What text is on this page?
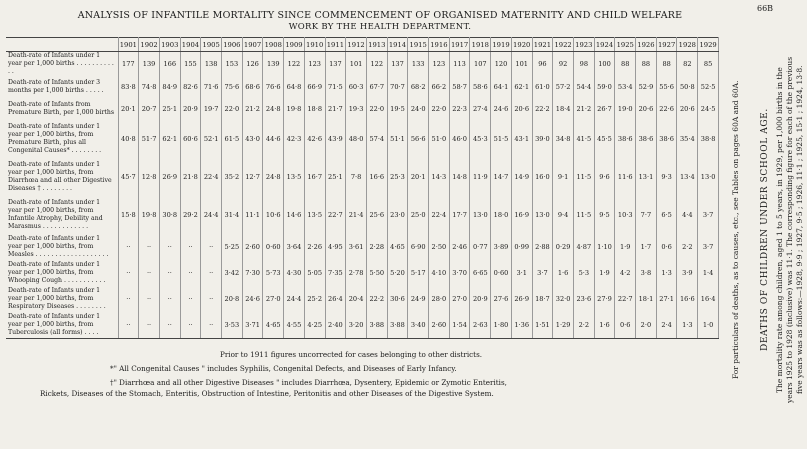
66B
ANALYSIS OF INFANTILE MORTALITY SINCE COMMENCEMENT OF ORGANISED MATERNITY AND CHILD WELFARE
WORK BY THE HEALTH DEPARTMENT.
	1901	1902	1903	1904	1905	1906	1907	1908	1909	1910	1911	1912	1913	1914	1915	1916	1917	1918	1919	1920	1921	1922	1923	1924	1925	1926	1927	1928	1929
Death-rate of Infants under 1 year per 1,000 births . . . . . . . . . . . .	177	139	166	155	138	153	126	139	122	123	137	101	122	137	133	123	113	107	120	101	96	92	98	100	88	88	88	82	85
Death-rate of Infants under 3 months per 1,000 births . . . . .	83·8	74·8	84·9	82·6	71·6	75·6	68·6	76·6	64·8	66·9	71·5	60·3	67·7	70·7	68·2	66·2	58·7	58·6	64·1	62·1	61·0	57·2	54·4	59·0	53·4	52·9	55·6	50·8	52·5
Death-rate of Infants from Premature Birth, per 1,000 births	20·1	20·7	25·1	20·9	19·7	22·0	21·2	24·8	19·8	18·8	21·7	19·3	22·0	19·5	24·0	22·0	22·3	27·4	24·6	20·6	22·2	18·4	21·2	26·7	19·0	20·6	22·6	20·6	24·5
Death-rate of Infants under 1 year per 1,000 births, from Premature Birth, plus all Congenital Causes* . . . . . . . .	40·8	51·7	62·1	60·6	52·1	61·5	43·0	44·6	42·3	42·6	43·9	48·0	57·4	51·1	56·6	51·0	46·0	45·3	51·5	43·1	39·0	34·8	41·5	45·5	38·6	38·6	38·6	35·4	38·8
Death-rate of Infants under 1 year per 1,000 births, from Diarrhœa and all other Digestive Diseases † . . . . . . . .	45·7	12·8	26·9	21·8	22·4	35·2	12·7	24·8	13·5	16·7	25·1	7·8	16·6	25·3	20·1	14·3	14·8	11·9	14·7	14·9	16·0	9·1	11·5	9·6	11·6	13·1	9·3	13·4	13·0
Death-rate of Infants under 1 year per 1,000 births, from Infantile Atrophy, Debility and Marasmus . . . . . . . . . . . .	15·8	19·8	30·8	29·2	24·4	31·4	11·1	10·6	14·6	13·5	22·7	21·4	25·6	23·0	25·0	22·4	17·7	13·0	18·0	16·9	13·0	9·4	11·5	9·5	10·3	7·7	6·5	4·4	3·7
Death-rate of Infants under 1 year per 1,000 births, from Measles . . . . . . . . . . . . . . . . . . .	··	··	··	··	··	5·25	2·60	0·60	3·64	2·26	4·95	3·61	2·28	4·65	6·90	2·50	2·46	0·77	3·89	0·99	2·88	0·29	4·87	1·10	1·9	1·7	0·6	2·2	3·7
Death-rate of Infants under 1 year per 1,000 births, from Whooping Cough . . . . . . . . . . .	··	··	··	··	··	3·42	7·30	5·73	4·30	5·05	7·35	2·78	5·50	5·20	5·17	4·10	3·70	6·65	0·60	3·1	3·7	1·6	5·3	1·9	4·2	3·8	1·3	3·9	1·4
Death-rate of Infants under 1 year per 1,000 births, from Respiratory Diseases . . . . . . . .	··	··	··	··	··	20·8	24·6	27·0	24·4	25·2	26·4	20·4	22·2	30·6	24·9	28·0	27·0	20·9	27·6	26·9	18·7	32·0	23·6	27·9	22·7	18·1	27·1	16·6	16·4
Death-rate of Infants under 1 year per 1,000 births, from Tuberculosis (all forms) . . . .	··	··	··	··	··	3·53	3·71	4·65	4·55	4·25	2·40	3·20	3·88	3·88	3·40	2·60	1·54	2·63	1·80	1·36	1·51	1·29	2·2	1·6	0·6	2·0	2·4	1·3	1·0

Prior to 1911 figures uncorrected for cases belonging to other districts.

*" All Congenital Causes " includes Syphilis, Congenital Defects, and Diseases of Early Infancy.

†" Diarrhœa and all other Digestive Diseases " includes Diarrhœa, Dysentery, Epidemic or Zymotic Enteritis,

Rickets, Diseases of the Stomach, Enteritis, Obstruction of Intestine, Peritonitis and other Diseases of the Digestive System.

For particulars of deaths, as to causes, etc., see Tables on pages 60A and 60A.	DEATHS OF CHILDREN UNDER SCHOOL AGE. The mortality rate among children, aged 1 to 5 years, in 1929, per 1,000 births in the years 1925 to 1928 (inclusive) was 11·1. The corresponding figure for each of the previous five years was as follows:—1928, 9·9 ; 1927, 9·5 ; 1926, 11·1 ; 1925, 15·1 ; 1924, 13·8.
